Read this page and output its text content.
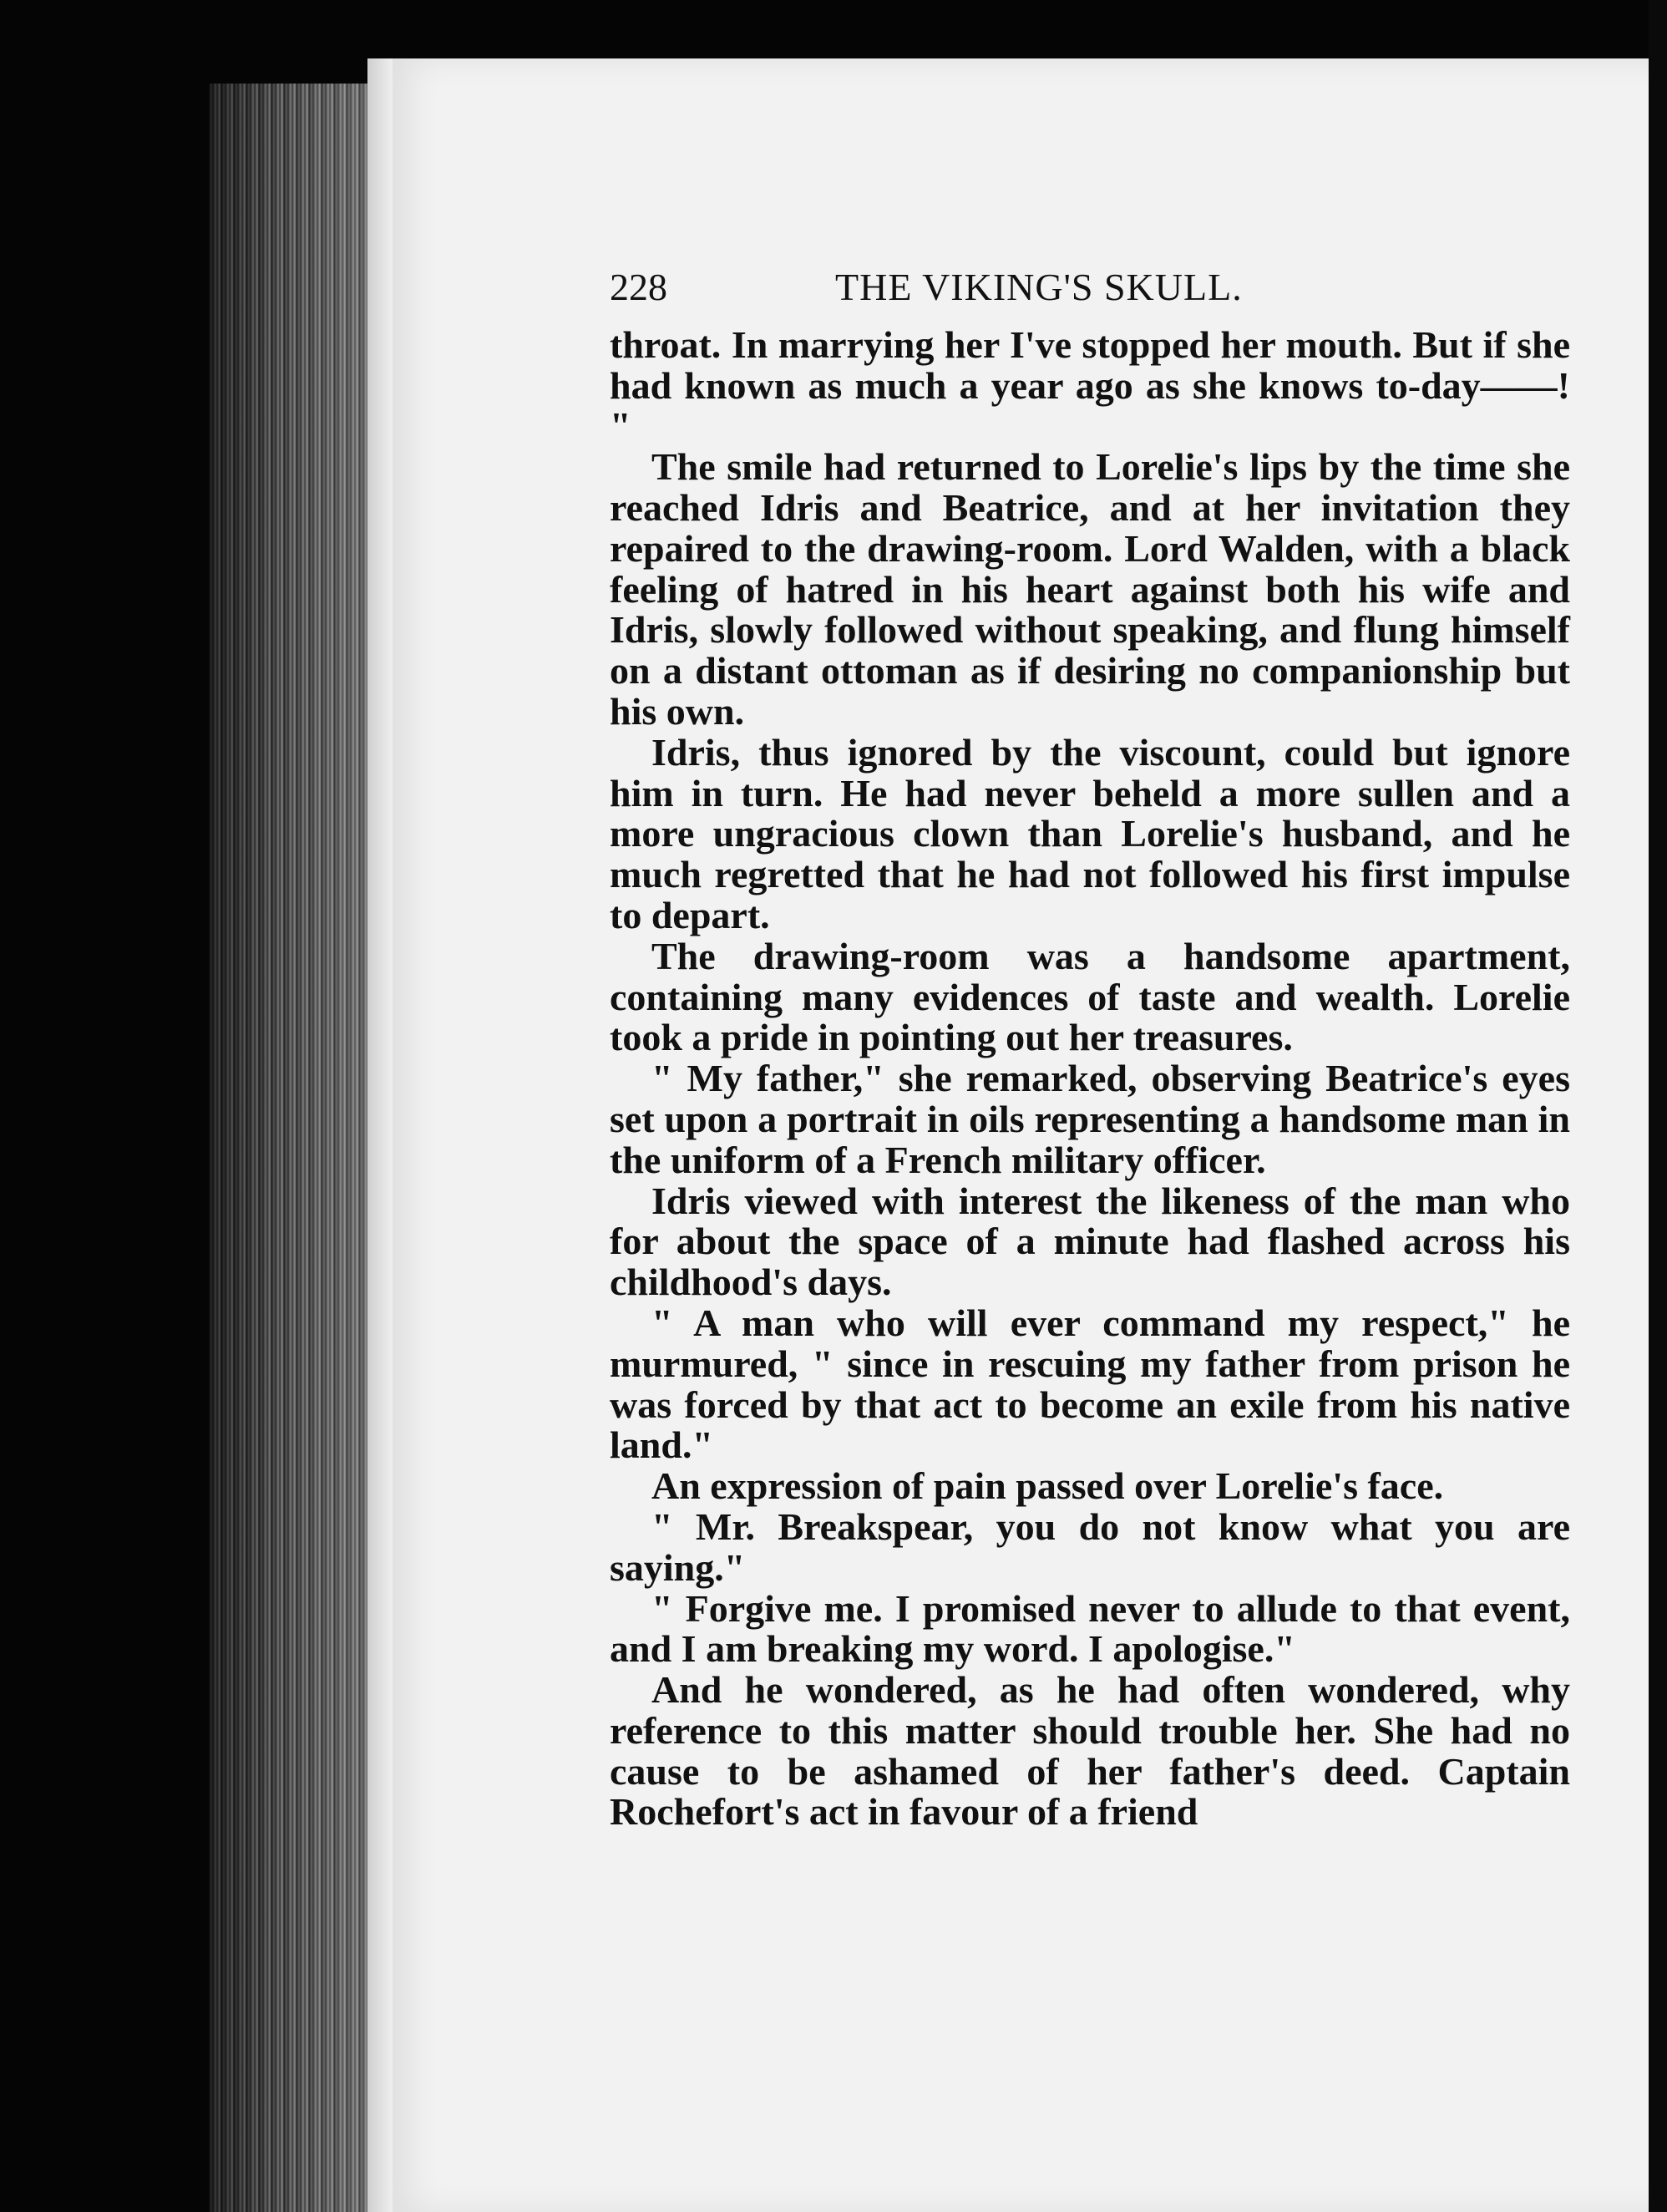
228	THE VIKING'S SKULL.

throat. In marrying her I've stopped her mouth. But if she had known as much a year ago as she knows to-day——! "

The smile had returned to Lorelie's lips by the time she reached Idris and Beatrice, and at her invitation they repaired to the drawing-room. Lord Walden, with a black feeling of hatred in his heart against both his wife and Idris, slowly followed without speaking, and flung himself on a distant ottoman as if desiring no companionship but his own.

Idris, thus ignored by the viscount, could but ignore him in turn. He had never beheld a more sullen and a more ungracious clown than Lorelie's husband, and he much regretted that he had not followed his first impulse to depart.

The drawing-room was a handsome apartment, containing many evidences of taste and wealth. Lorelie took a pride in pointing out her treasures.

" My father," she remarked, observing Beatrice's eyes set upon a portrait in oils representing a handsome man in the uniform of a French military officer.

Idris viewed with interest the likeness of the man who for about the space of a minute had flashed across his childhood's days.

" A man who will ever command my respect," he murmured, " since in rescuing my father from prison he was forced by that act to become an exile from his native land."

An expression of pain passed over Lorelie's face.

" Mr. Breakspear, you do not know what you are saying."

" Forgive me. I promised never to allude to that event, and I am breaking my word. I apologise."

And he wondered, as he had often wondered, why reference to this matter should trouble her. She had no cause to be ashamed of her father's deed. Captain Rochefort's act in favour of a friend
